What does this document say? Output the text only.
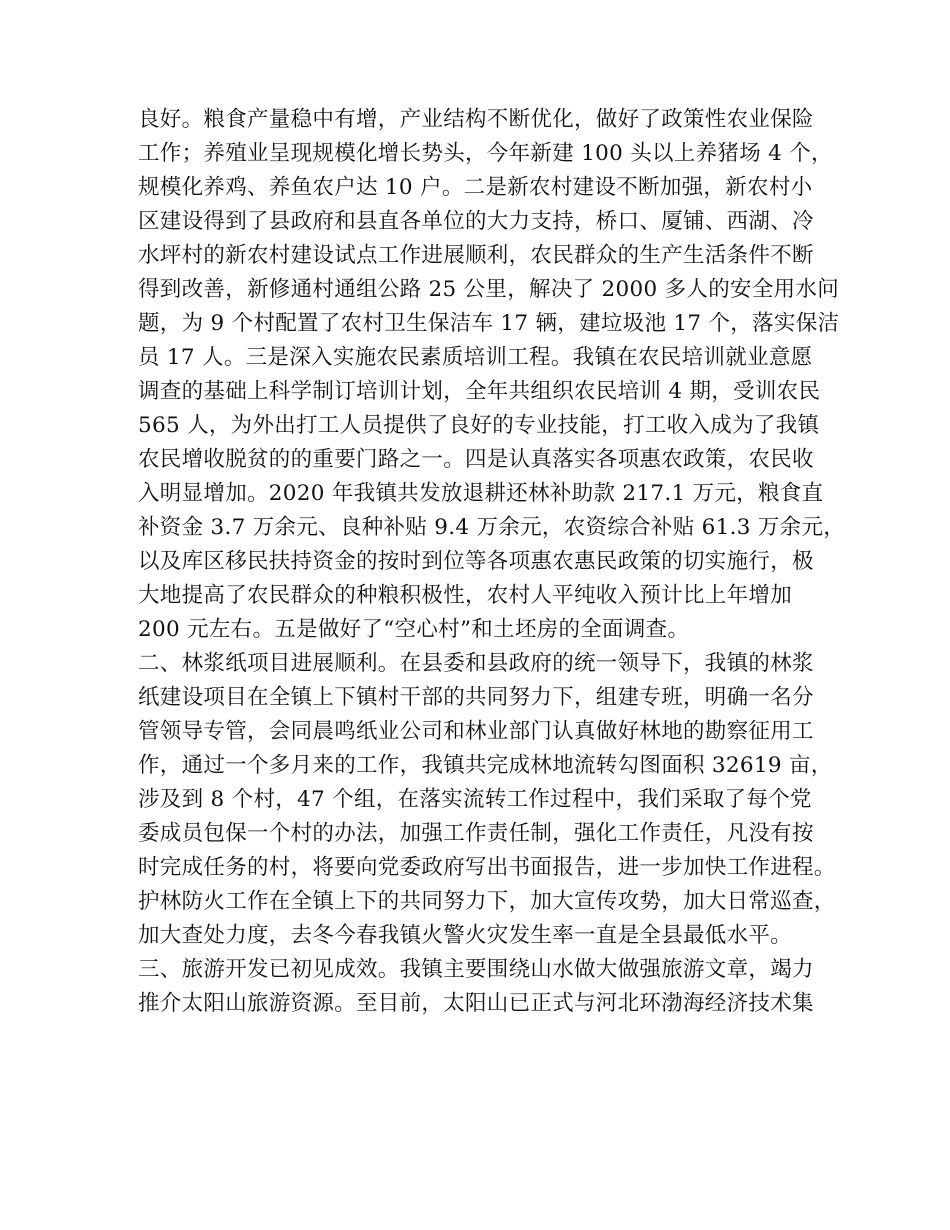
良好。粮食产量稳中有增，产业结构不断优化，做好了政策性农业保险
工作；养殖业呈现规模化增长势头，今年新建 100 头以上养猪场 4 个，
规模化养鸡、养鱼农户达 10 户。二是新农村建设不断加强，新农村小
区建设得到了县政府和县直各单位的大力支持，桥口、厦铺、西湖、冷
水坪村的新农村建设试点工作进展顺利，农民群众的生产生活条件不断
得到改善，新修通村通组公路 25 公里，解决了 2000 多人的安全用水问
题，为 9 个村配置了农村卫生保洁车 17 辆，建垃圾池 17 个，落实保洁
员 17 人。三是深入实施农民素质培训工程。我镇在农民培训就业意愿
调查的基础上科学制订培训计划，全年共组织农民培训 4 期，受训农民
565 人，为外出打工人员提供了良好的专业技能，打工收入成为了我镇
农民增收脱贫的的重要门路之一。四是认真落实各项惠农政策，农民收
入明显增加。2020 年我镇共发放退耕还林补助款 217.1 万元，粮食直
补资金 3.7 万余元、良种补贴 9.4 万余元，农资综合补贴 61.3 万余元，
以及库区移民扶持资金的按时到位等各项惠农惠民政策的切实施行，极
大地提高了农民群众的种粮积极性，农村人平纯收入预计比上年增加
200 元左右。五是做好了“空心村”和土坯房的全面调查。
二、林浆纸项目进展顺利。在县委和县政府的统一领导下，我镇的林浆
纸建设项目在全镇上下镇村干部的共同努力下，组建专班，明确一名分
管领导专管，会同晨鸣纸业公司和林业部门认真做好林地的勘察征用工
作，通过一个多月来的工作，我镇共完成林地流转勾图面积 32619 亩，
涉及到 8 个村，47 个组，在落实流转工作过程中，我们采取了每个党
委成员包保一个村的办法，加强工作责任制，强化工作责任，凡没有按
时完成任务的村，将要向党委政府写出书面报告，进一步加快工作进程。
护林防火工作在全镇上下的共同努力下，加大宣传攻势，加大日常巡查，
加大查处力度，去冬今春我镇火警火灾发生率一直是全县最低水平。
三、旅游开发已初见成效。我镇主要围绕山水做大做强旅游文章，竭力
推介太阳山旅游资源。至目前，太阳山已正式与河北环渤海经济技术集
